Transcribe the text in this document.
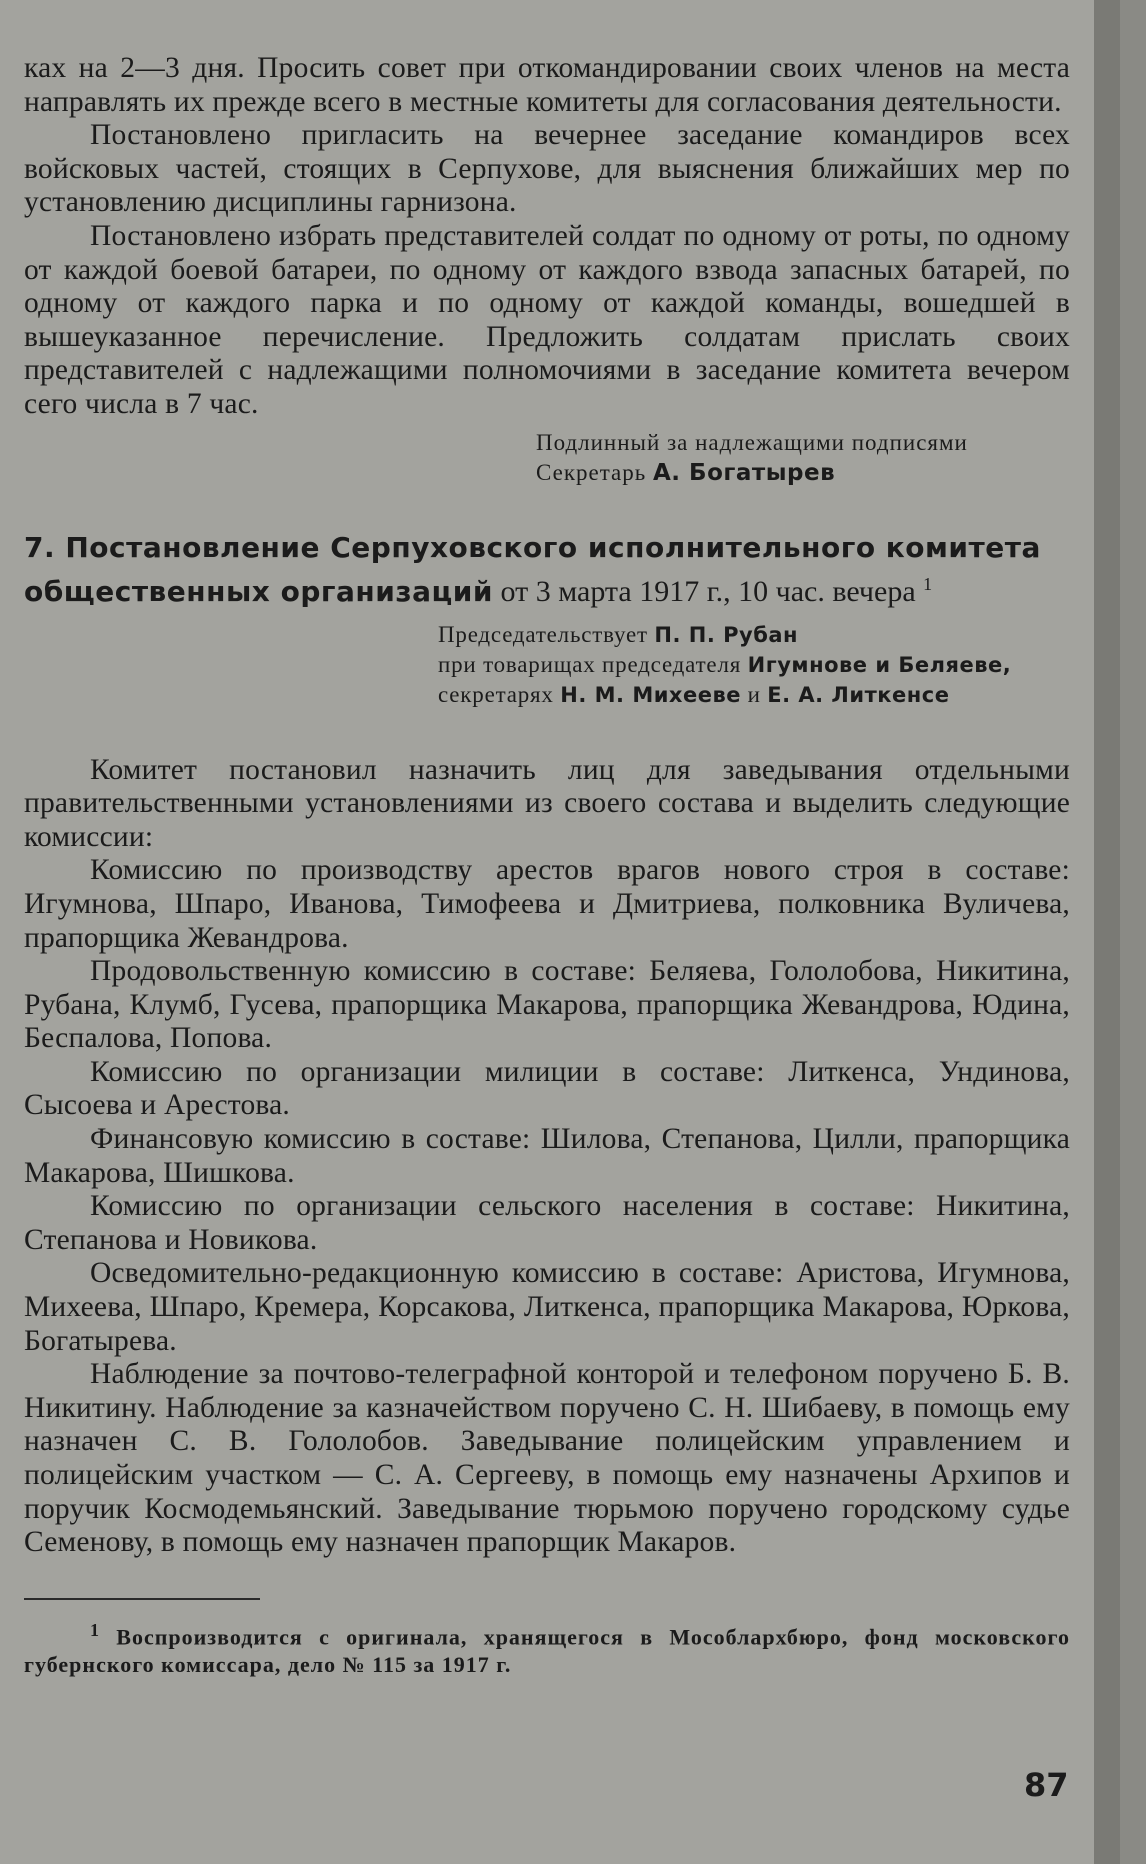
ках на 2—3 дня. Просить совет при откомандировании своих членов на места направлять их прежде всего в местные комитеты для согласования деятельности.

Постановлено пригласить на вечернее заседание командиров всех войсковых частей, стоящих в Серпухове, для выяснения ближайших мер по установлению дисциплины гарнизона.

Постановлено избрать представителей солдат по одному от роты, по одному от каждой боевой батареи, по одному от каждого взвода запасных батарей, по одному от каждого парка и по одному от каждой команды, вошедшей в вышеуказанное перечисление. Предложить солдатам прислать своих представителей с надлежащими полномочиями в заседание комитета вечером сего числа в 7 час.

Подлинный за надлежащими подписями
Секретарь А. Богатырев
7. Постановление Серпуховского исполнительного комитета общественных организаций от 3 марта 1917 г., 10 час. вечера $^1$
Председательствует П. П. Рубан
при товарищах председателя Игумнове и Беляеве,
секретарях Н. М. Михееве и Е. А. Литкенсе

Комитет постановил назначить лиц для заведывания отдельными правительственными установлениями из своего состава и выделить следующие комиссии:

Комиссию по производству арестов врагов нового строя в составе: Игумнова, Шпаро, Иванова, Тимофеева и Дмитриева, полковника Вуличева, прапорщика Жевандрова.

Продовольственную комиссию в составе: Беляева, Гололобова, Никитина, Рубана, Клумб, Гусева, прапорщика Макарова, прапорщика Жевандрова, Юдина, Беспалова, Попова.

Комиссию по организации милиции в составе: Литкенса, Ундинова, Сысоева и Арестова.

Финансовую комиссию в составе: Шилова, Степанова, Цилли, прапорщика Макарова, Шишкова.

Комиссию по организации сельского населения в составе: Никитина, Степанова и Новикова.

Осведомительно-редакционную комиссию в составе: Аристова, Игумнова, Михеева, Шпаро, Кремера, Корсакова, Литкенса, прапорщика Макарова, Юркова, Богатырева.

Наблюдение за почтово-телеграфной конторой и телефоном поручено Б. В. Никитину. Наблюдение за казначейством поручено С. Н. Шибаеву, в помощь ему назначен С. В. Гололобов. Заведывание полицейским управлением и полицейским участком — С. А. Сергееву, в помощь ему назначены Архипов и поручик Космодемьянский. Заведывание тюрьмою поручено городскому судье Семенову, в помощь ему назначен прапорщик Макаров.

$^1$ Воспроизводится с оригинала, хранящегося в Мособлархбюро, фонд московского губернского комиссара, дело № 115 за 1917 г.

87
